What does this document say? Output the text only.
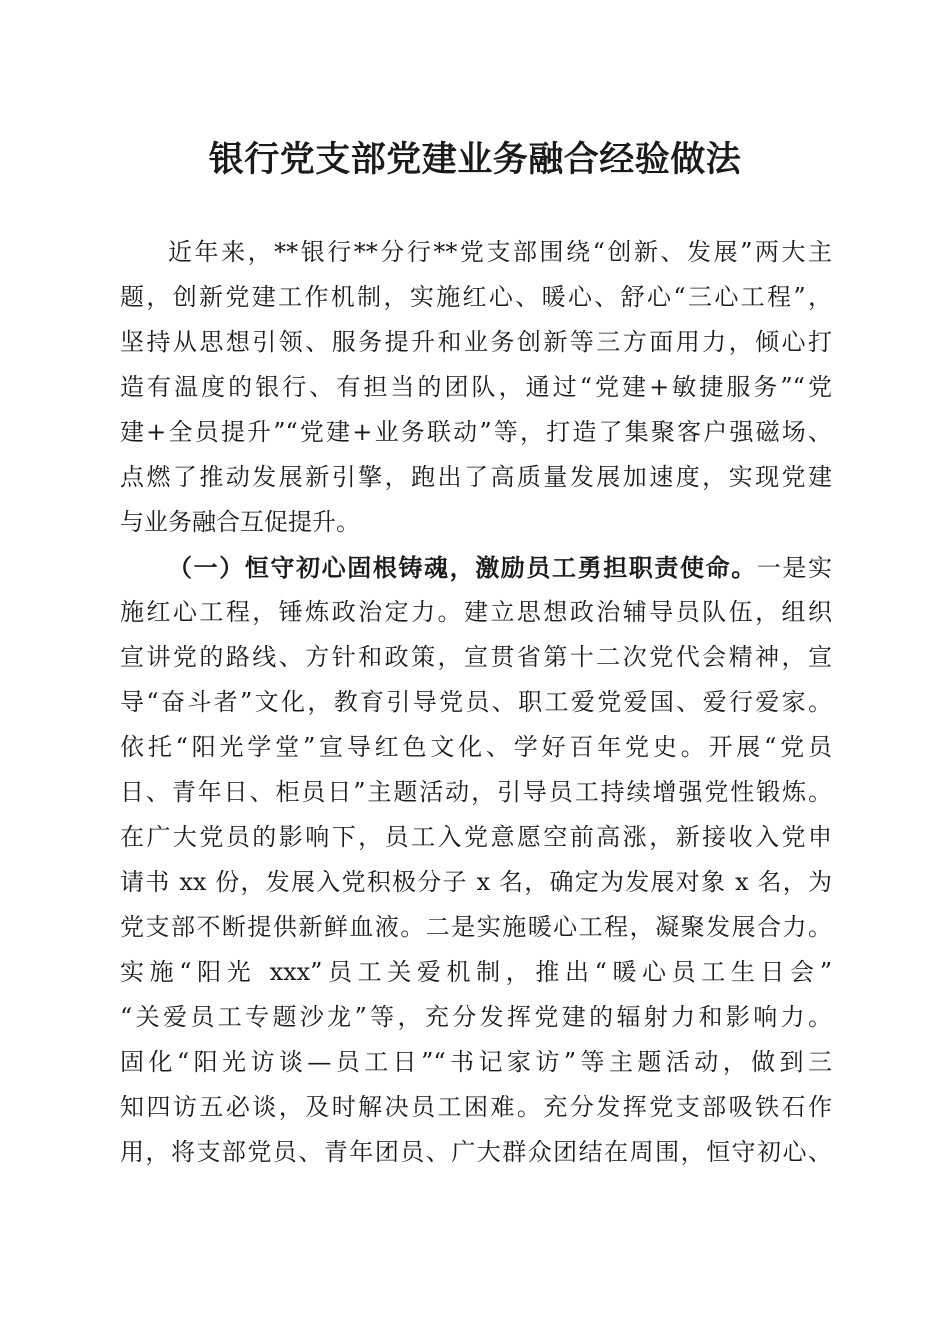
银行党支部党建业务融合经验做法
近年来，**银行**分行**党支部围绕“创新、发展”两大主
题，创新党建工作机制，实施红心、暖心、舒心“三心工程”，
坚持从思想引领、服务提升和业务创新等三方面用力，倾心打
造有温度的银行、有担当的团队，通过“党建+敏捷服务”“党
建+全员提升”“党建+业务联动”等，打造了集聚客户强磁场、
点燃了推动发展新引擎，跑出了高质量发展加速度，实现党建
与业务融合互促提升。
（一）恒守初心固根铸魂，激励员工勇担职责使命。一是实
施红心工程，锤炼政治定力。建立思想政治辅导员队伍，组织
宣讲党的路线、方针和政策，宣贯省第十二次党代会精神，宣
导“奋斗者”文化，教育引导党员、职工爱党爱国、爱行爱家。
依托“阳光学堂”宣导红色文化、学好百年党史。开展“党员
日、青年日、柜员日”主题活动，引导员工持续增强党性锻炼。
在广大党员的影响下，员工入党意愿空前高涨，新接收入党申
请书 xx 份，发展入党积极分子 x 名，确定为发展对象 x 名，为
党支部不断提供新鲜血液。二是实施暖心工程，凝聚发展合力。
实施“阳光 xxx”员工关爱机制，推出“暖心员工生日会”
“关爱员工专题沙龙”等，充分发挥党建的辐射力和影响力。
固化“阳光访谈—员工日”“书记家访”等主题活动，做到三
知四访五必谈，及时解决员工困难。充分发挥党支部吸铁石作
用，将支部党员、青年团员、广大群众团结在周围，恒守初心、
